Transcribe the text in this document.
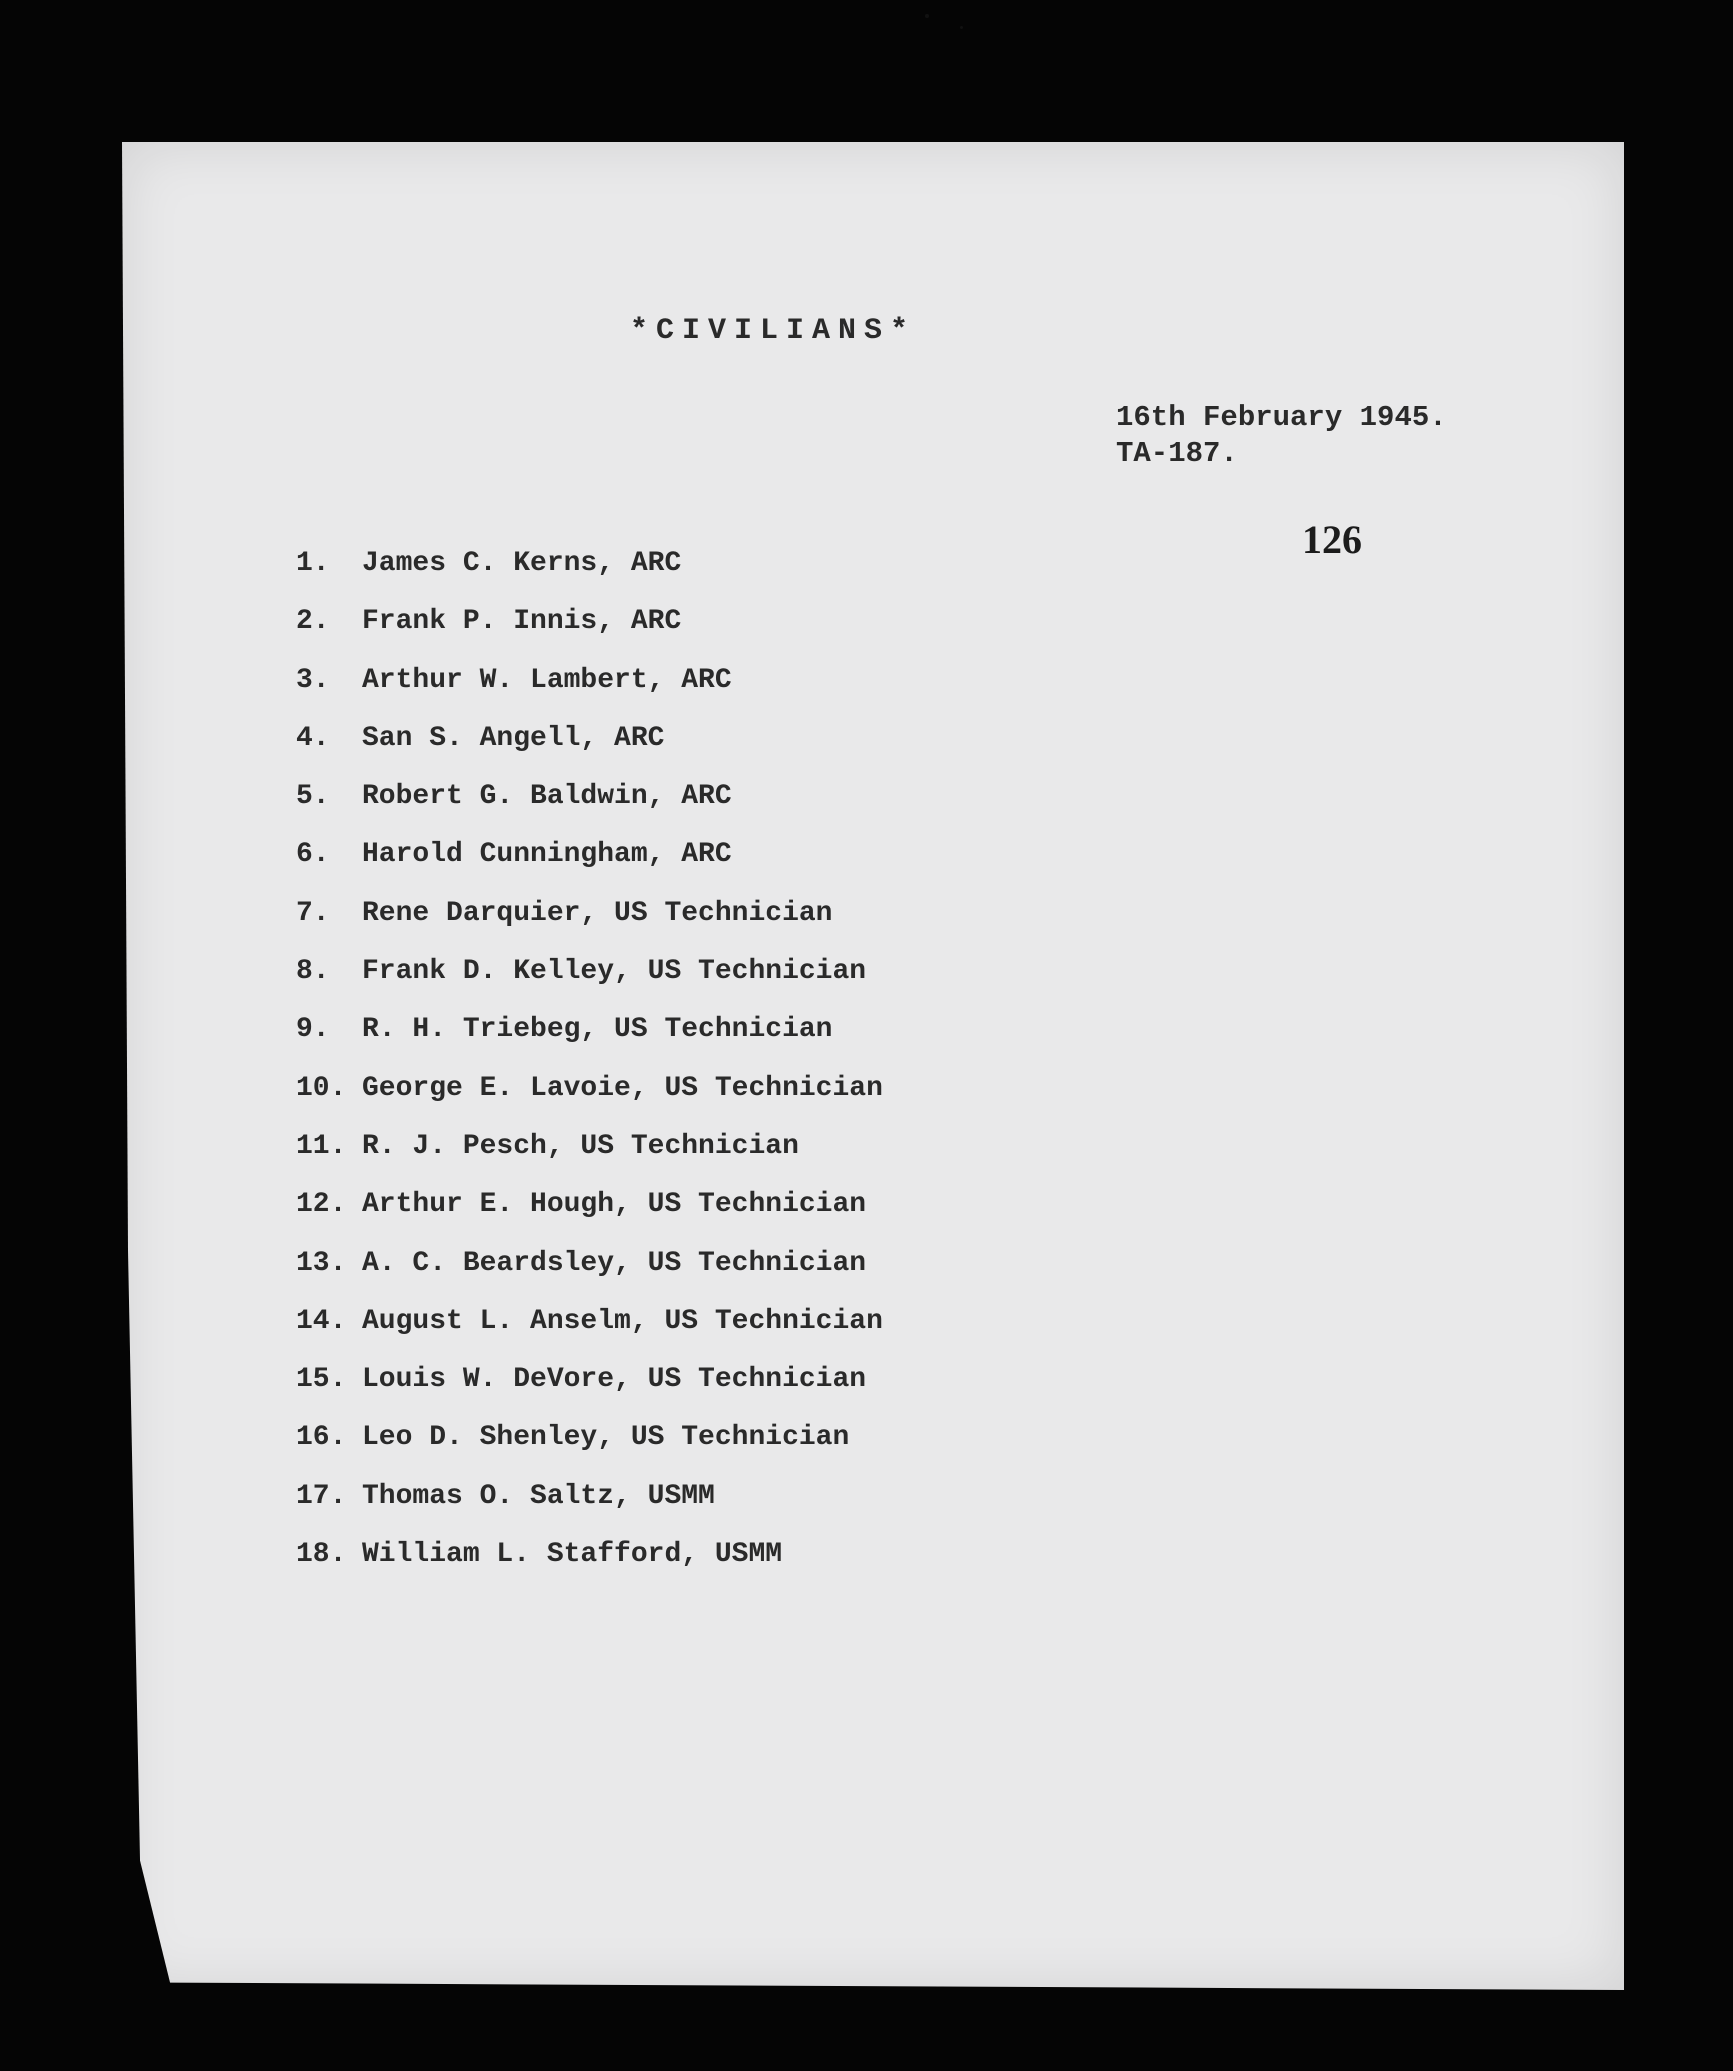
*CIVILIANS*
16th February 1945.
TA-187.
126
1. James C. Kerns, ARC
2. Frank P. Innis, ARC
3. Arthur W. Lambert, ARC
4. San S. Angell, ARC
5. Robert G. Baldwin, ARC
6. Harold Cunningham, ARC
7. Rene Darquier, US Technician
8. Frank D. Kelley, US Technician
9. R. H. Triebeg, US Technician
10. George E. Lavoie, US Technician
11. R. J. Pesch, US Technician
12. Arthur E. Hough, US Technician
13. A. C. Beardsley, US Technician
14. August L. Anselm, US Technician
15. Louis W. DeVore, US Technician
16. Leo D. Shenley, US Technician
17. Thomas O. Saltz, USMM
18. William L. Stafford, USMM
